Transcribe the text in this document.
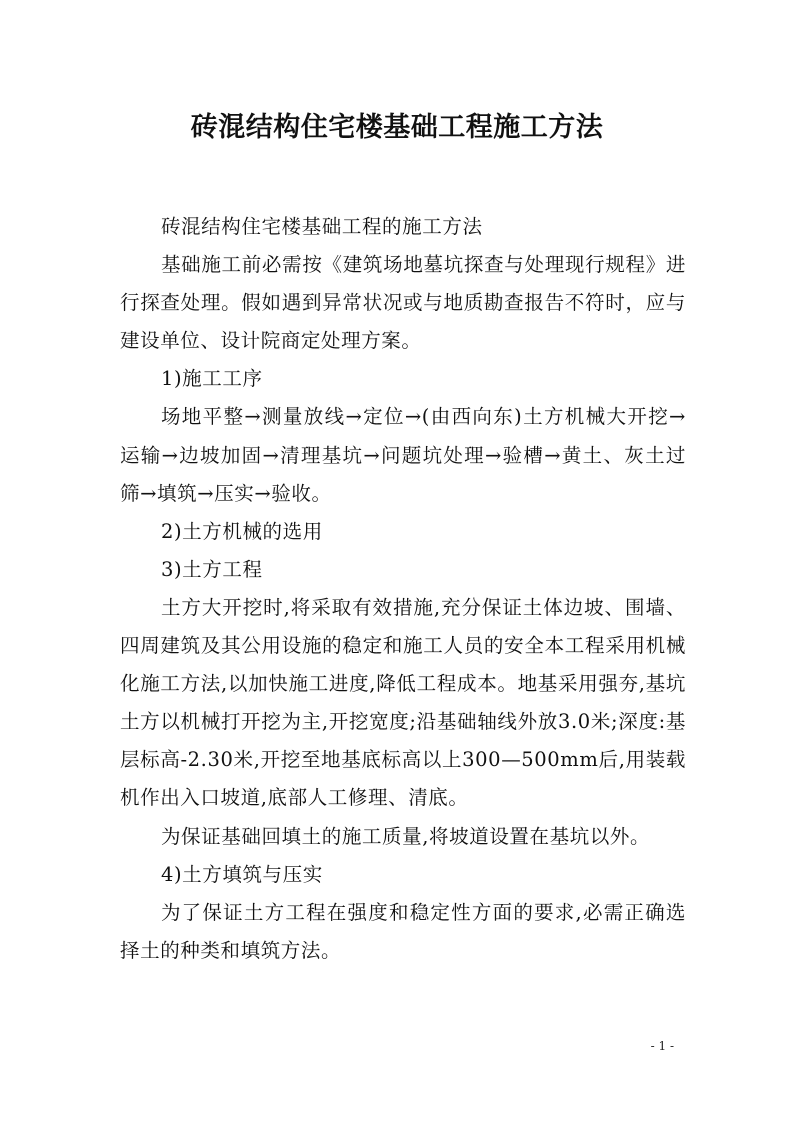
砖混结构住宅楼基础工程施工方法

砖混结构住宅楼基础工程的施工方法

基础施工前必需按《建筑场地墓坑探查与处理现行规程》进行探查处理。假如遇到异常状况或与地质勘查报告不符时，应与建设单位、设计院商定处理方案。

1)施工工序

场地平整→测量放线→定位→(由西向东)土方机械大开挖→运输→边坡加固→清理基坑→问题坑处理→验槽→黄土、灰土过筛→填筑→压实→验收。

2)土方机械的选用

3)土方工程

土方大开挖时,将采取有效措施,充分保证土体边坡、围墙、四周建筑及其公用设施的稳定和施工人员的安全本工程采用机械化施工方法,以加快施工进度,降低工程成本。地基采用强夯,基坑土方以机械打开挖为主,开挖宽度;沿基础轴线外放3.0米;深度:基层标高-2.30米,开挖至地基底标高以上300—500mm后,用装载机作出入口坡道,底部人工修理、清底。

为保证基础回填土的施工质量,将坡道设置在基坑以外。

4)土方填筑与压实

为了保证土方工程在强度和稳定性方面的要求,必需正确选择土的种类和填筑方法。

- 1 -
